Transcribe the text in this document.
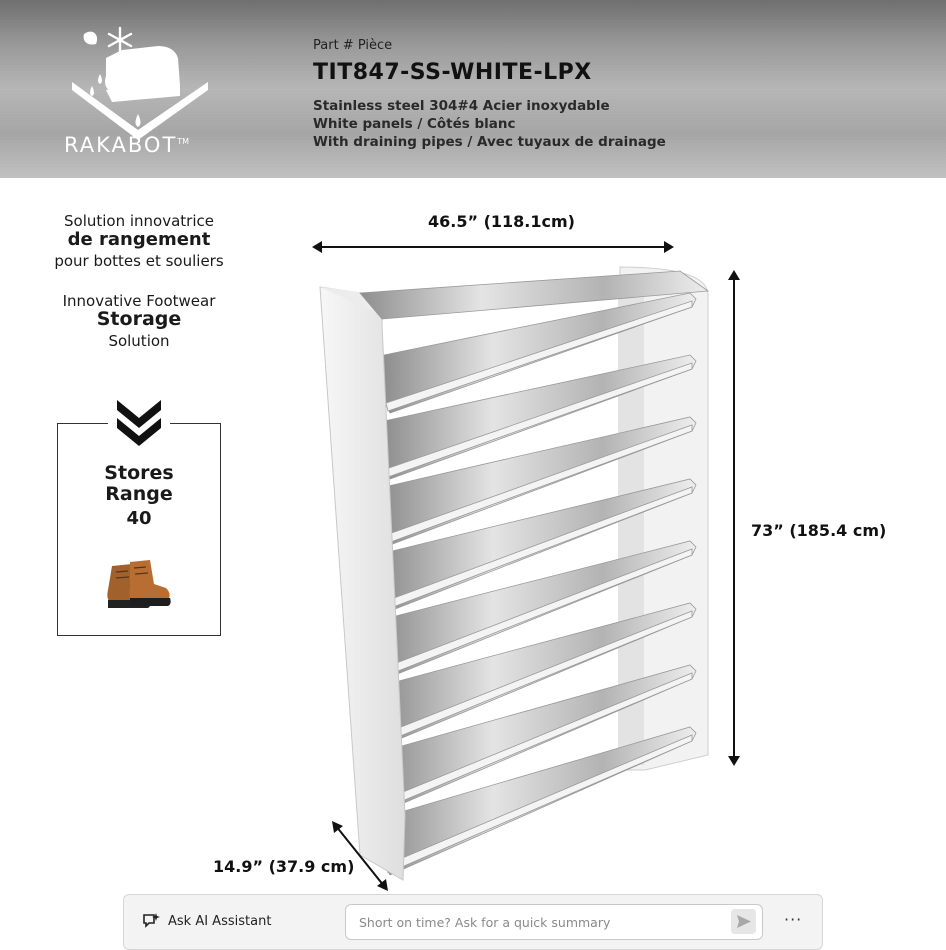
RAKABOT™
Part # Pièce
TIT847-SS-WHITE-LPX
Stainless steel 304#4 Acier inoxydable
White panels / Côtés blanc
With draining pipes / Avec tuyaux de drainage
Solution innovatrice
de rangement
pour bottes et souliers
Innovative Footwear
Storage
Solution
Stores
Range
40
46.5” (118.1cm)
73” (185.4 cm)
14.9” (37.9 cm)
Ask AI Assistant
Short on time? Ask for a quick summary	···
